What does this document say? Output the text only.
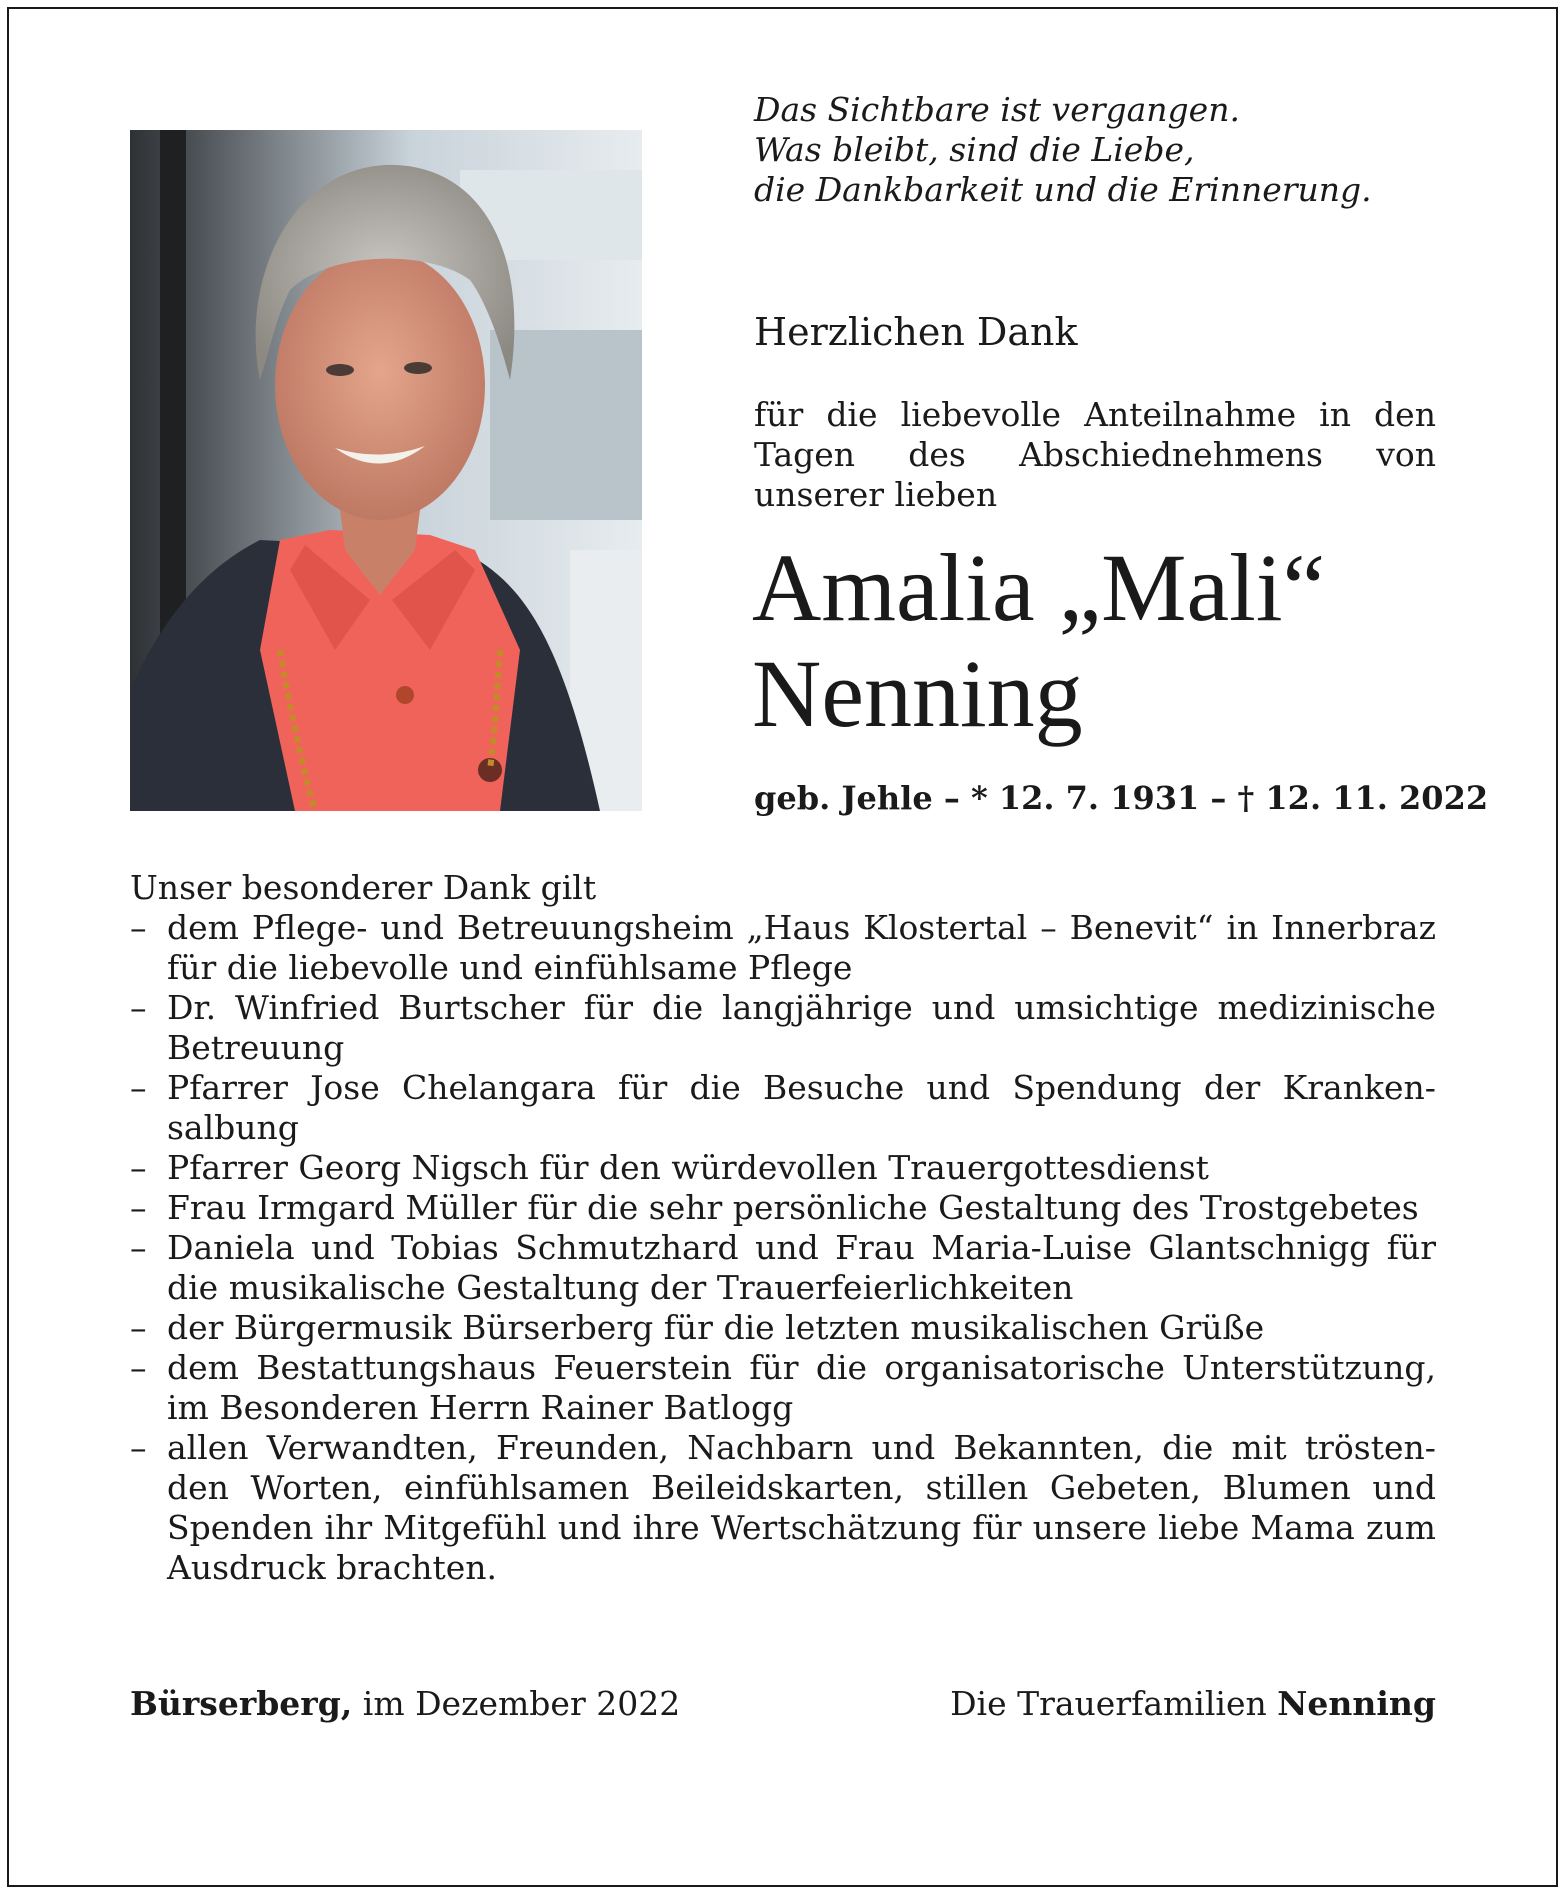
Das Sichtbare ist vergangen.
Was bleibt, sind die Liebe,
die Dankbarkeit und die Erinnerung.
Herzlichen Dank
für die liebevolle Anteilnahme in den
Tagen des Abschiednehmens von
unserer lieben
Amalia „Mali“
Nenning
geb. Jehle – * 12. 7. 1931 – † 12. 11. 2022
Unser besonderer Dank gilt
– dem Pflege- und Betreuungsheim „Haus Klostertal – Benevit“ in Innerbraz
für die liebevolle und einfühlsame Pflege
– Dr. Winfried Burtscher für die langjährige und umsichtige medizinische
Betreuung
– Pfarrer Jose Chelangara für die Besuche und Spendung der Kranken-
salbung
– Pfarrer Georg Nigsch für den würdevollen Trauergottesdienst
– Frau Irmgard Müller für die sehr persönliche Gestaltung des Trostgebetes
– Daniela und Tobias Schmutzhard und Frau Maria-Luise Glantschnigg für
die musikalische Gestaltung der Trauerfeierlichkeiten
– der Bürgermusik Bürserberg für die letzten musikalischen Grüße
– dem Bestattungshaus Feuerstein für die organisatorische Unterstützung,
im Besonderen Herrn Rainer Batlogg
– allen Verwandten, Freunden, Nachbarn und Bekannten, die mit trösten-
den Worten, einfühlsamen Beileidskarten, stillen Gebeten, Blumen und
Spenden ihr Mitgefühl und ihre Wertschätzung für unsere liebe Mama zum
Ausdruck brachten.
Bürserberg, im Dezember 2022	Die Trauerfamilien Nenning
